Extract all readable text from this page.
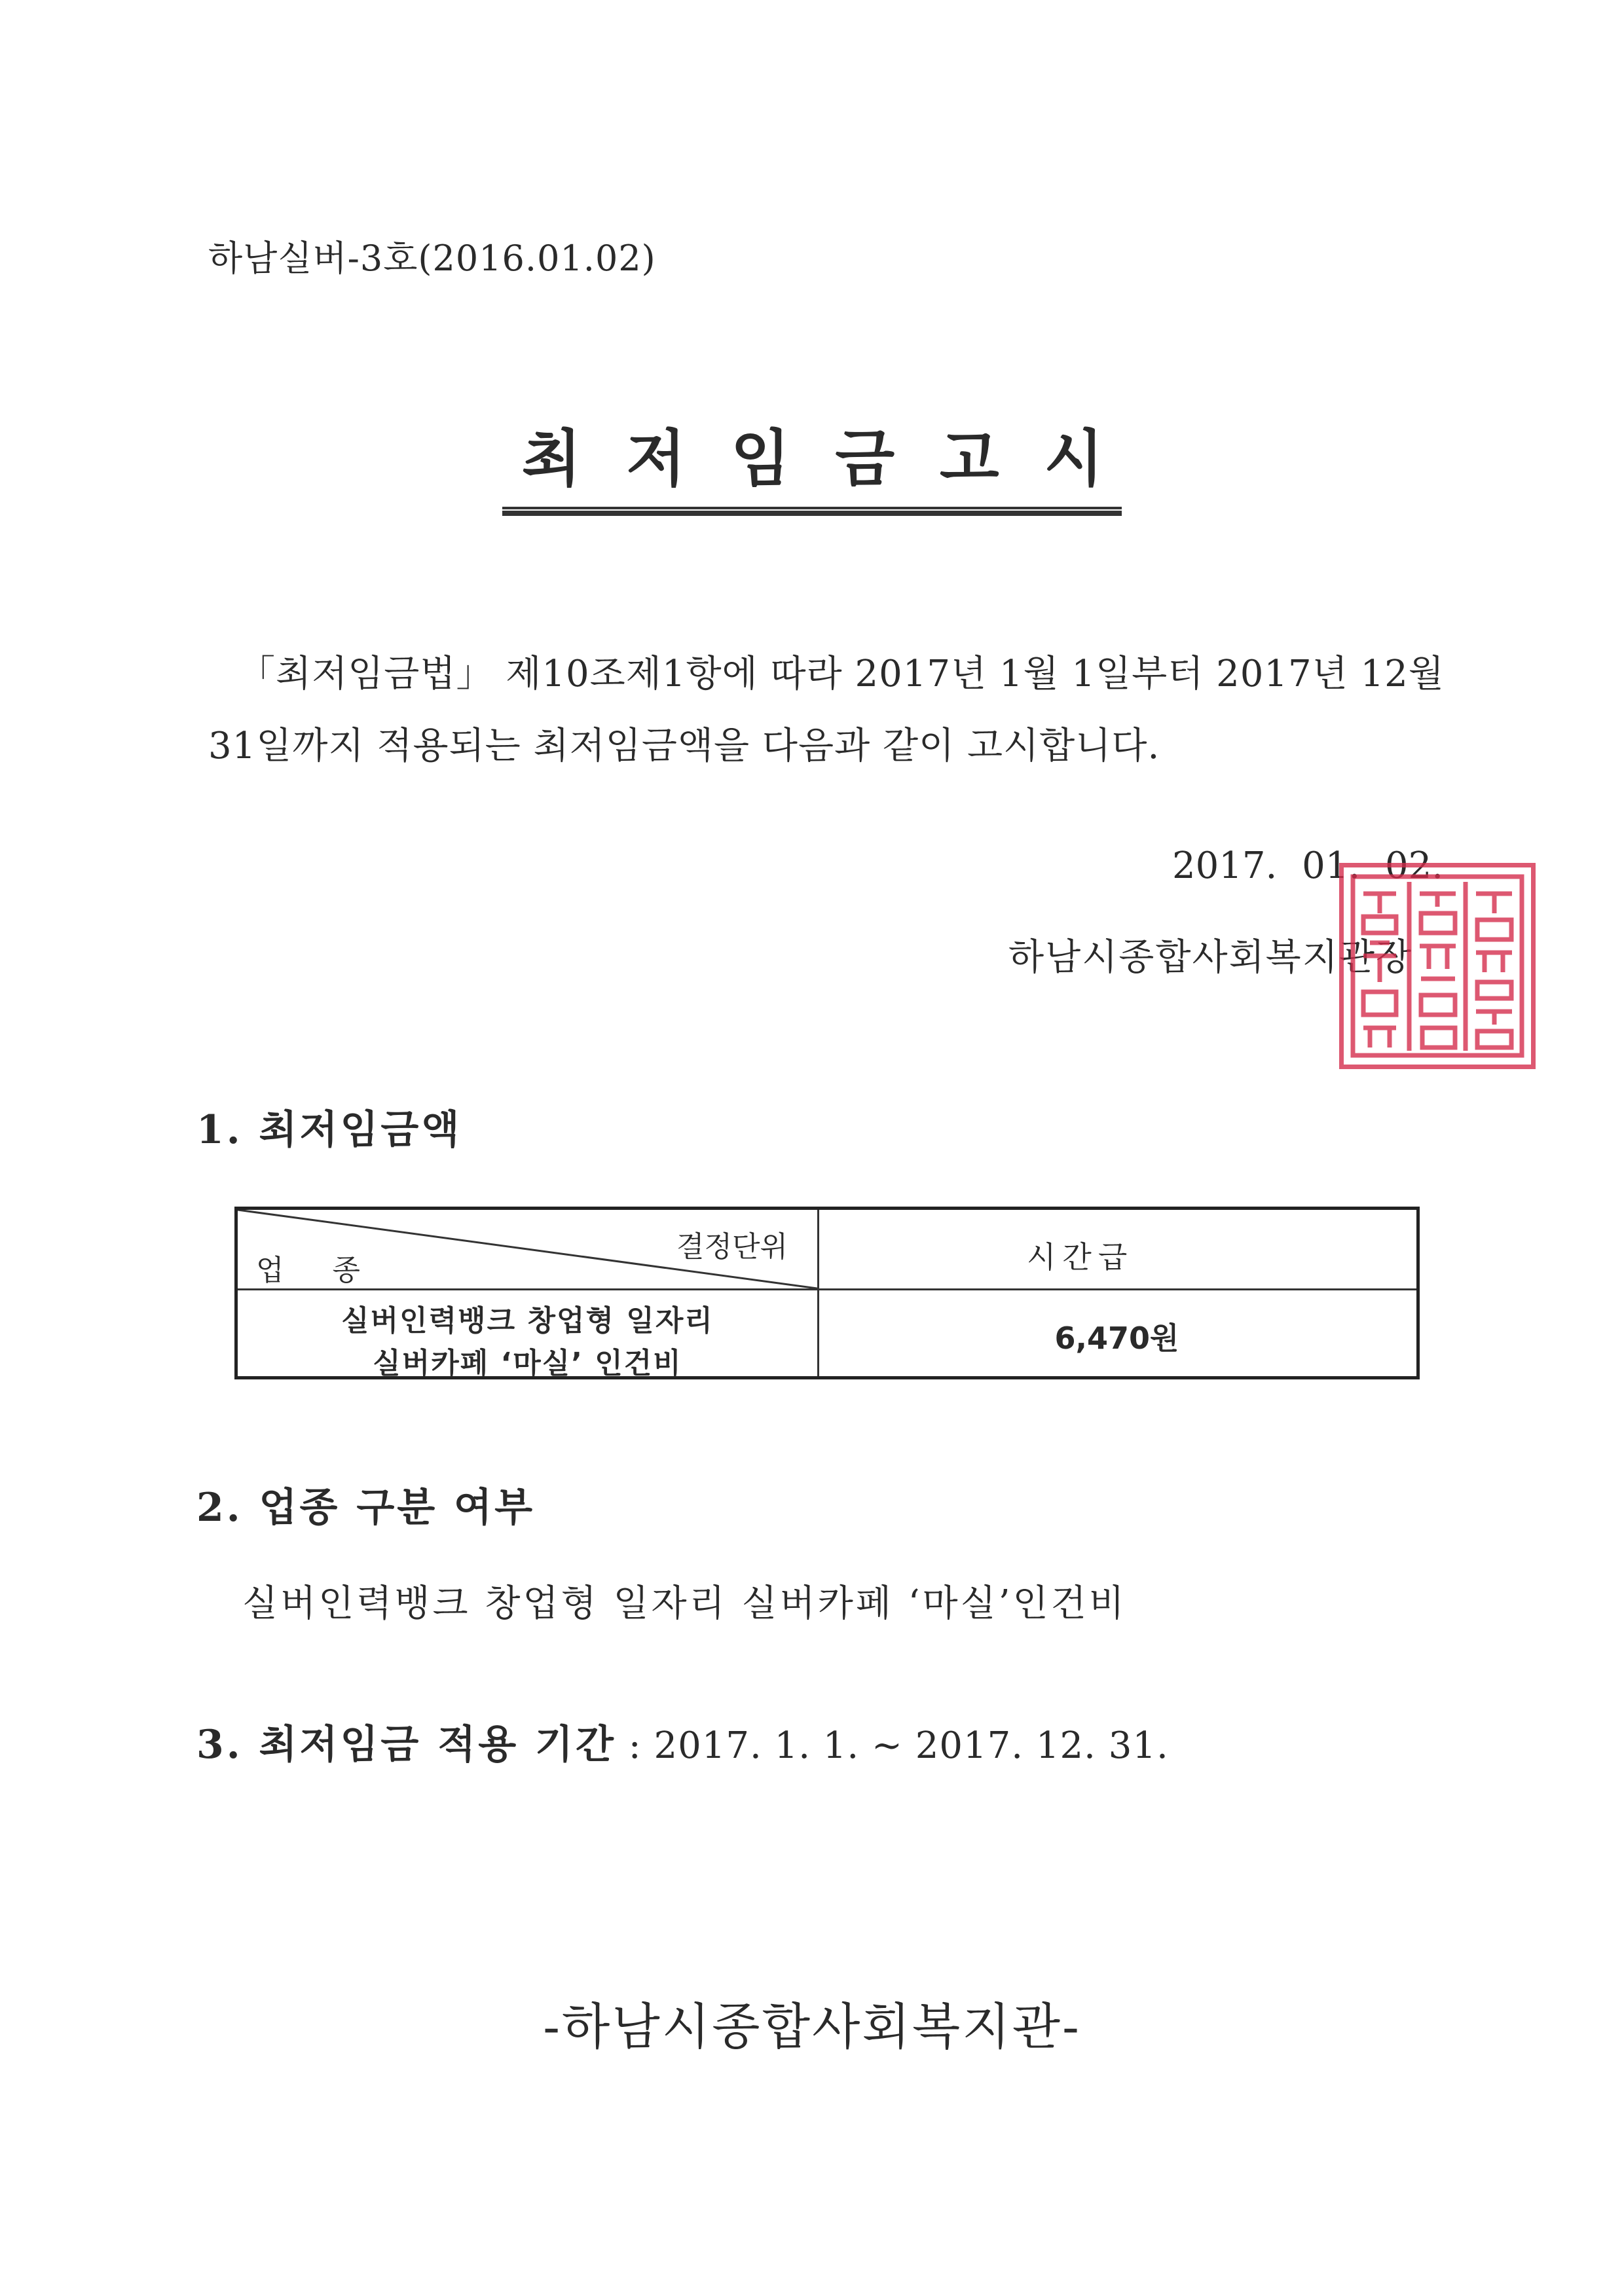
하남실버-3호(2016.01.02)
최 저 임 금 고 시
「최저임금법」 제10조제1항에 따라 2017년 1월 1일부터 2017년 12월
31일까지 적용되는 최저임금액을 다음과 같이 고시합니다.
2017. 01. 02.
하남시종합사회복지관장
1. 최저임금액
결정단위
업 종	시간급
실버인력뱅크 창업형 일자리
실버카페 ‘마실’ 인건비
6,470원
2. 업종 구분 여부
실버인력뱅크 창업형 일자리 실버카페 ‘마실’인건비
3. 최저임금 적용 기간 : 2017. 1. 1. ~ 2017. 12. 31.
-하남시종합사회복지관-
